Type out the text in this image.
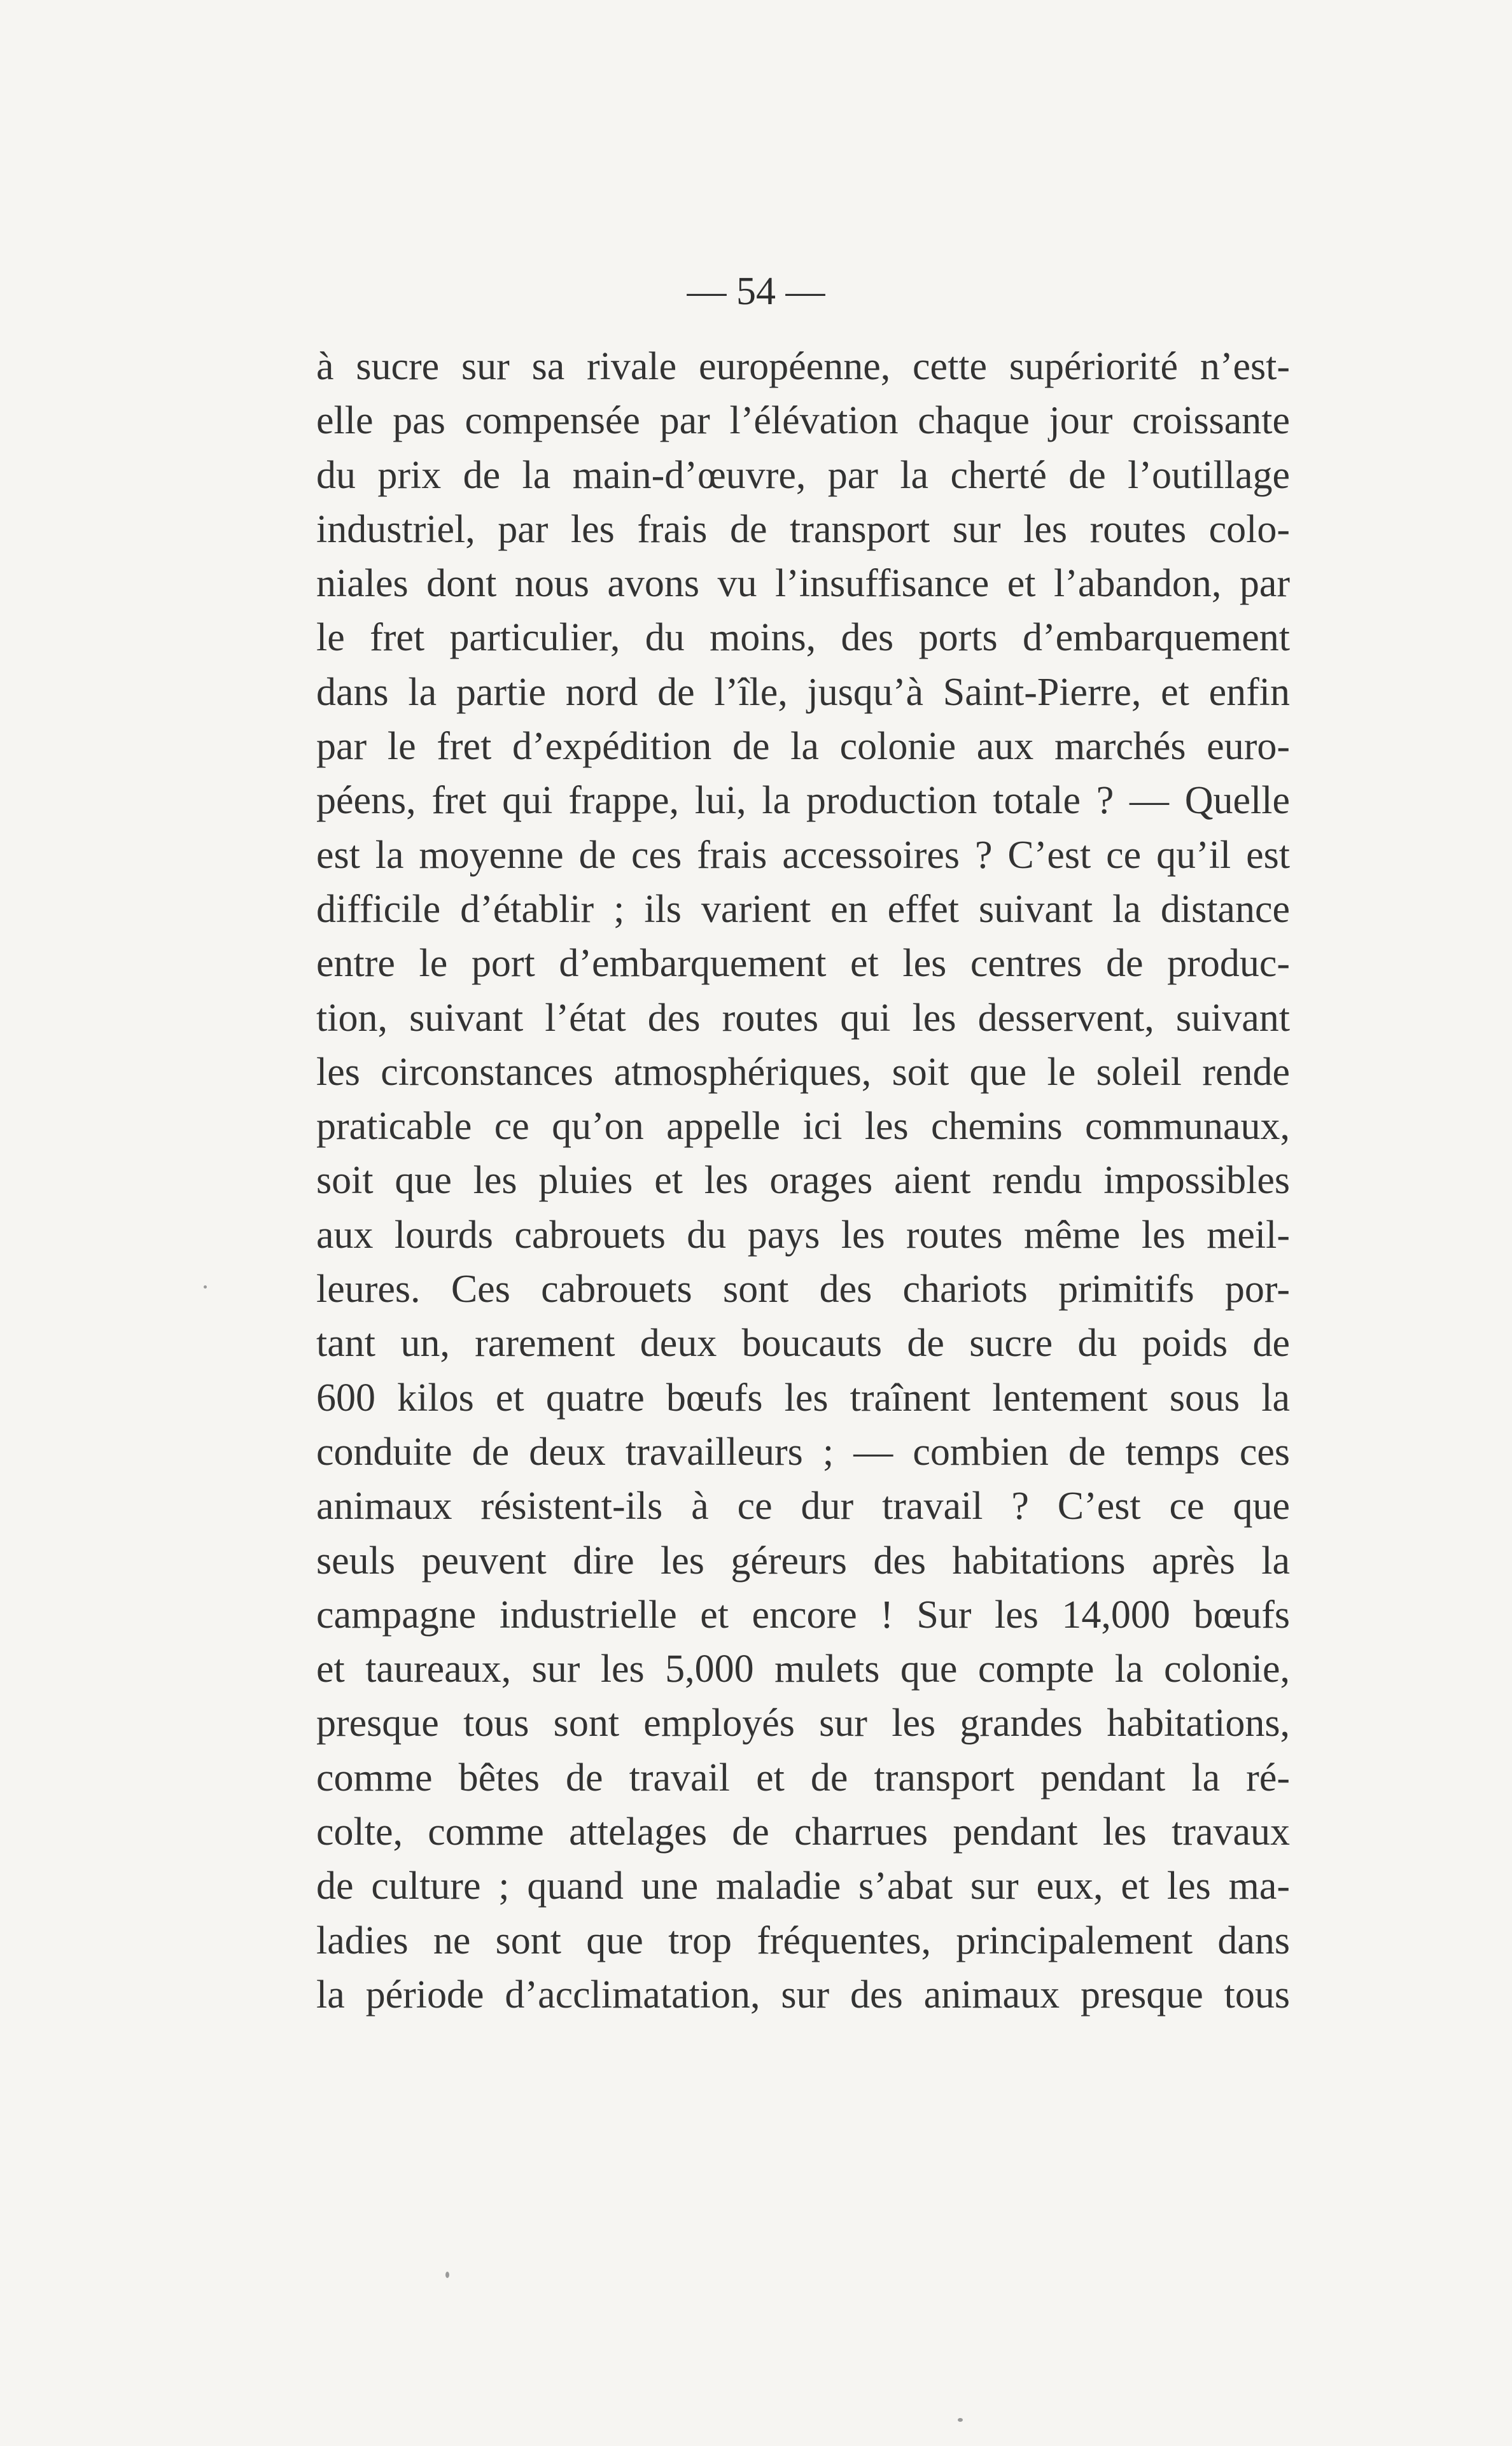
— 54 —
à sucre sur sa rivale européenne, cette supériorité n’est-
elle pas compensée par l’élévation chaque jour croissante
du prix de la main-d’œuvre, par la cherté de l’outillage
industriel, par les frais de transport sur les routes colo-
niales dont nous avons vu l’insuffisance et l’abandon, par
le fret particulier, du moins, des ports d’embarquement
dans la partie nord de l’île, jusqu’à Saint-Pierre, et enfin
par le fret d’expédition de la colonie aux marchés euro-
péens, fret qui frappe, lui, la production totale ? — Quelle
est la moyenne de ces frais accessoires ? C’est ce qu’il est
difficile d’établir ; ils varient en effet suivant la distance
entre le port d’embarquement et les centres de produc-
tion, suivant l’état des routes qui les desservent, suivant
les circonstances atmosphériques, soit que le soleil rende
praticable ce qu’on appelle ici les chemins communaux,
soit que les pluies et les orages aient rendu impossibles
aux lourds cabrouets du pays les routes même les meil-
leures. Ces cabrouets sont des chariots primitifs por-
tant un, rarement deux boucauts de sucre du poids de
600 kilos et quatre bœufs les traînent lentement sous la
conduite de deux travailleurs ; — combien de temps ces
animaux résistent-ils à ce dur travail ? C’est ce que
seuls peuvent dire les géreurs des habitations après la
campagne industrielle et encore ! Sur les 14,000 bœufs
et taureaux, sur les 5,000 mulets que compte la colonie,
presque tous sont employés sur les grandes habitations,
comme bêtes de travail et de transport pendant la ré-
colte, comme attelages de charrues pendant les travaux
de culture ; quand une maladie s’abat sur eux, et les ma-
ladies ne sont que trop fréquentes, principalement dans
la période d’acclimatation, sur des animaux presque tous
